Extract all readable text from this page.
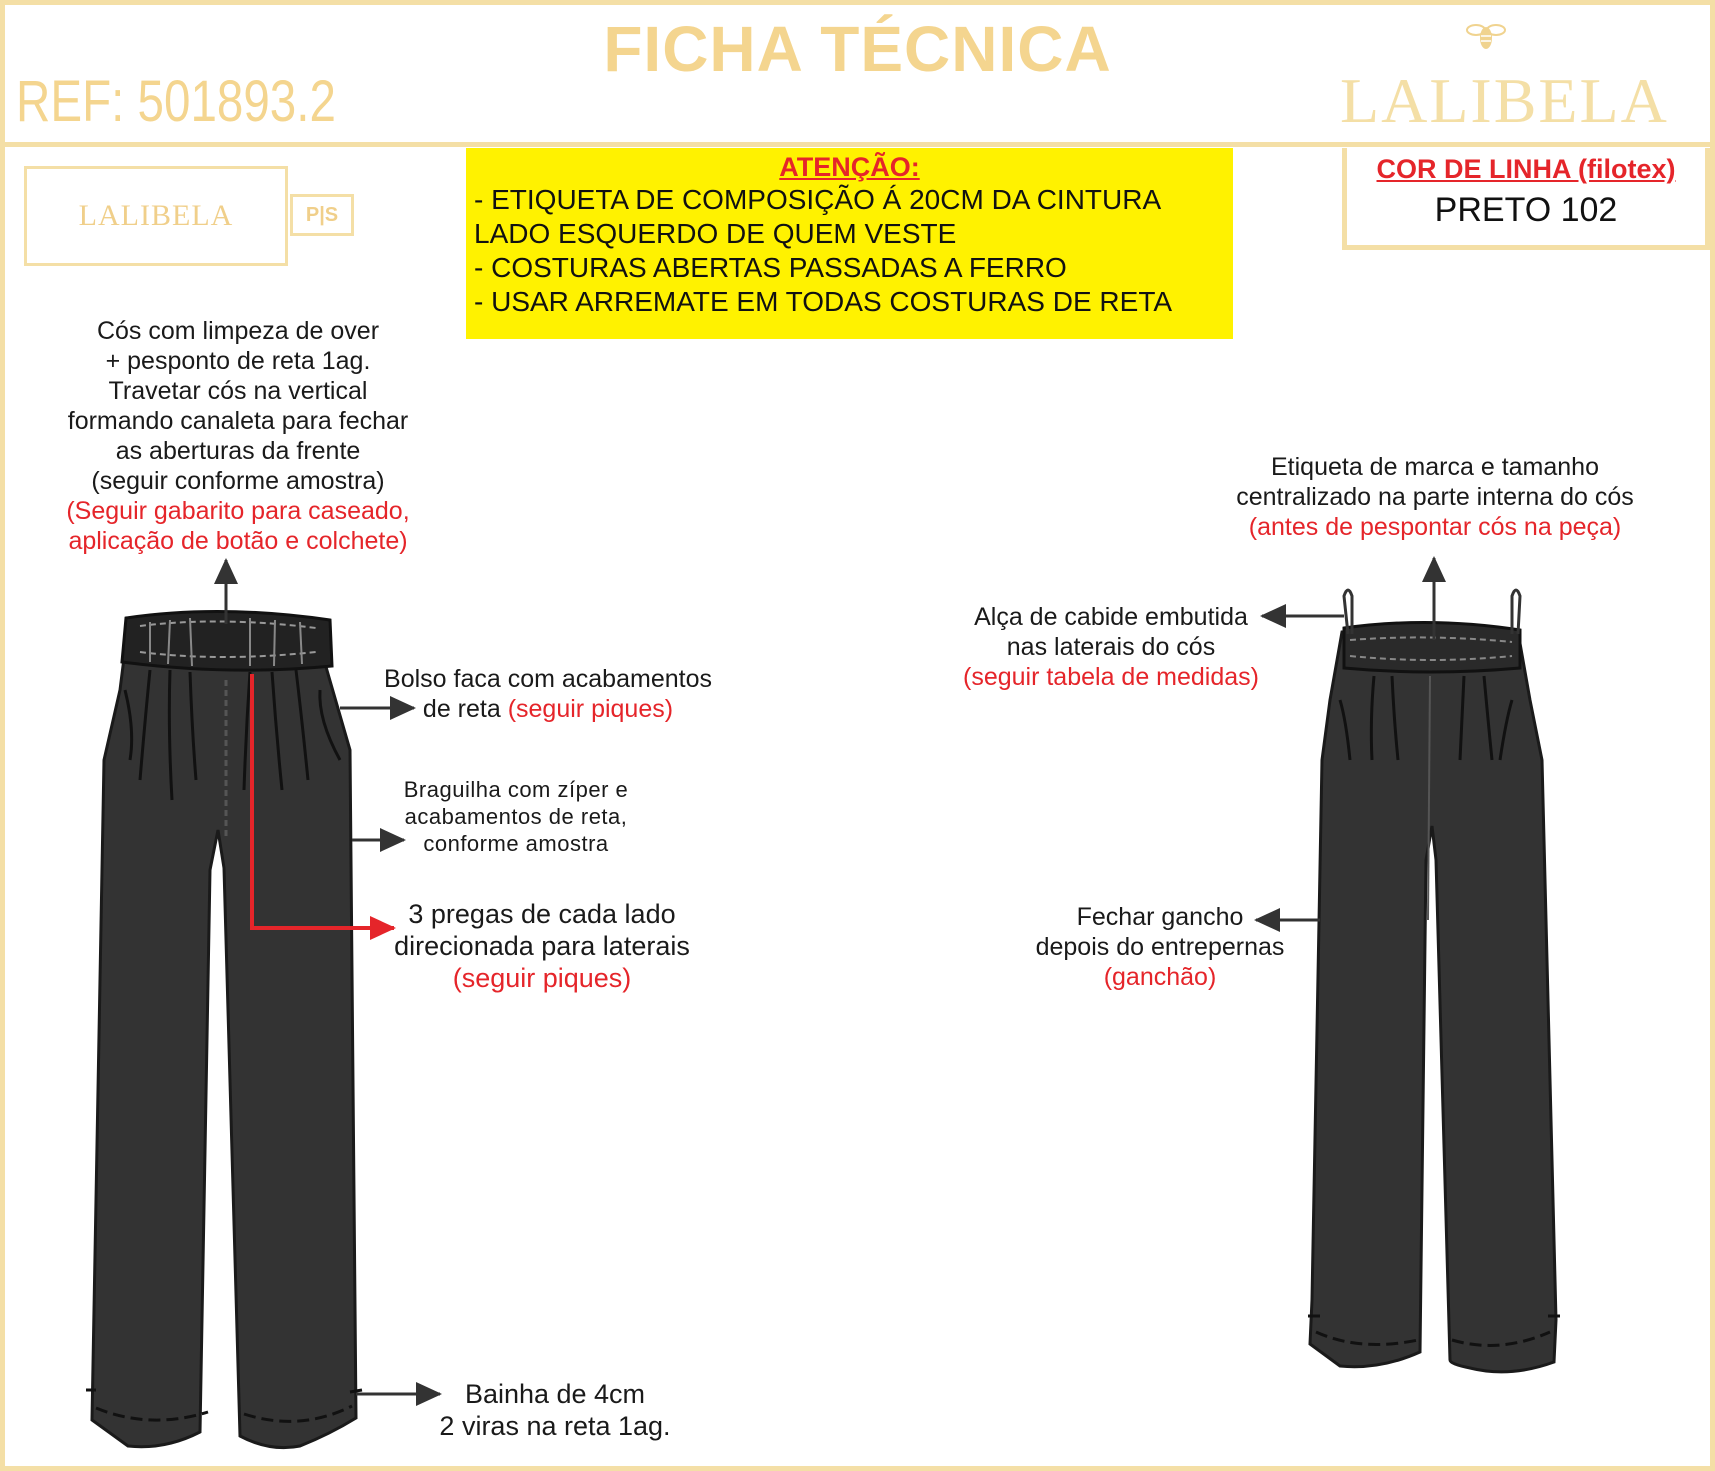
FICHA TÉCNICA
REF: 501893.2	LALIBELA
LALIBELA	P|S
ATENÇÃO:
- ETIQUETA DE COMPOSIÇÃO Á 20CM DA CINTURA
LADO ESQUERDO DE QUEM VESTE
- COSTURAS ABERTAS PASSADAS A FERRO
- USAR ARREMATE EM TODAS COSTURAS DE RETA
COR DE LINHA (filotex)
PRETO 102
Cós com limpeza de over
+ pesponto de reta 1ag.
Travetar cós na vertical
formando canaleta para fechar
as aberturas da frente
(seguir conforme amostra)
(Seguir gabarito para caseado,
aplicação de botão e colchete)
Bolso faca com acabamentos
de reta (seguir piques)
Braguilha com zíper e
acabamentos de reta,
conforme amostra
3 pregas de cada lado
direcionada para laterais
(seguir piques)
Bainha de 4cm
2 viras na reta 1ag.
Etiqueta de marca e tamanho
centralizado na parte interna do cós
(antes de pespontar cós na peça)
Alça de cabide embutida
nas laterais do cós
(seguir tabela de medidas)
Fechar gancho
depois do entrepernas
(ganchão)
